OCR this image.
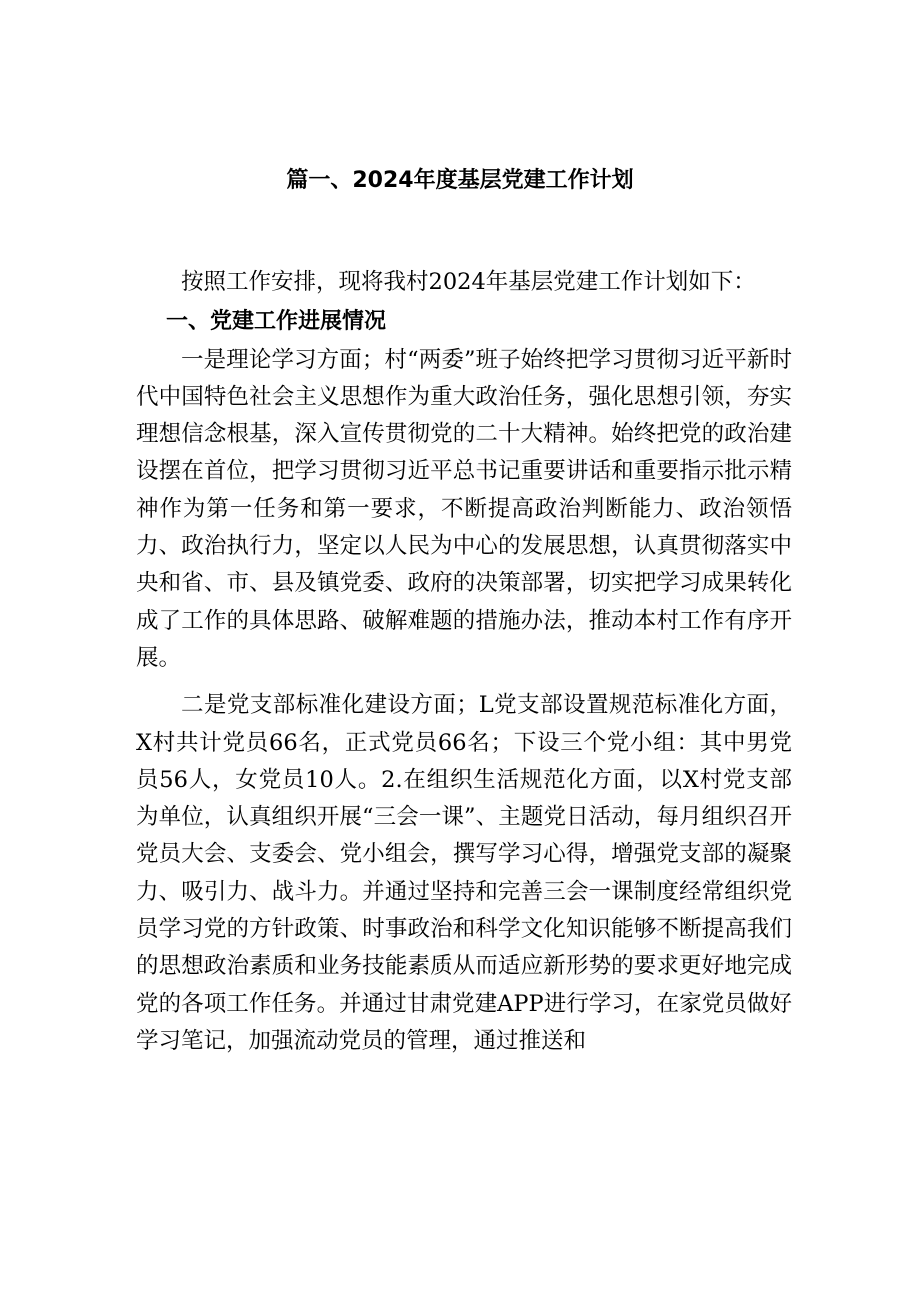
篇一、2024年度基层党建工作计划

按照工作安排，现将我村2024年基层党建工作计划如下：

一、党建工作进展情况

一是理论学习方面；村“两委”班子始终把学习贯彻习近平新时代中国特色社会主义思想作为重大政治任务，强化思想引领，夯实理想信念根基，深入宣传贯彻党的二十大精神。始终把党的政治建设摆在首位，把学习贯彻习近平总书记重要讲话和重要指示批示精神作为第一任务和第一要求，不断提高政治判断能力、政治领悟力、政治执行力，坚定以人民为中心的发展思想，认真贯彻落实中央和省、市、县及镇党委、政府的决策部署，切实把学习成果转化成了工作的具体思路、破解难题的措施办法，推动本村工作有序开展。

二是党支部标准化建设方面；L党支部设置规范标准化方面，X村共计党员66名，正式党员66名；下设三个党小组：其中男党员56人，女党员10人。2.在组织生活规范化方面，以X村党支部为单位，认真组织开展“三会一课”、主题党日活动，每月组织召开党员大会、支委会、党小组会，撰写学习心得，增强党支部的凝聚力、吸引力、战斗力。并通过坚持和完善三会一课制度经常组织党员学习党的方针政策、时事政治和科学文化知识能够不断提高我们的思想政治素质和业务技能素质从而适应新形势的要求更好地完成党的各项工作任务。并通过甘肃党建APP进行学习，在家党员做好学习笔记，加强流动党员的管理，通过推送和
